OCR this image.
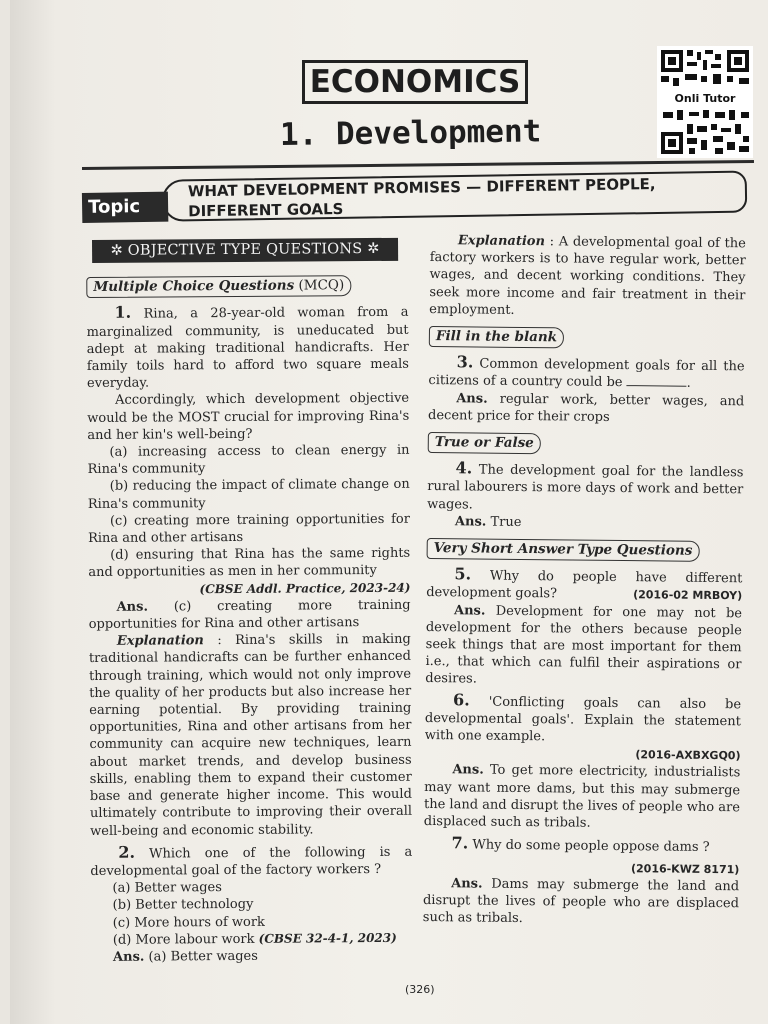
ECONOMICS
1. Development
Onli Tutor
Topic
WHAT DEVELOPMENT PROMISES — DIFFERENT PEOPLE,
DIFFERENT GOALS
✲ OBJECTIVE TYPE QUESTIONS ✲
Multiple Choice Questions (MCQ)

1. Rina, a 28-year-old woman from a marginalized community, is uneducated but adept at making traditional handicrafts. Her family toils hard to afford two square meals everyday.

Accordingly, which development objective would be the MOST crucial for improving Rina's and her kin's well-being?

(a) increasing access to clean energy in Rina's community

(b) reducing the impact of climate change on Rina's community

(c) creating more training opportunities for Rina and other artisans

(d) ensuring that Rina has the same rights and opportunities as men in her community

(CBSE Addl. Practice, 2023-24)

Ans. (c) creating more training opportunities for Rina and other artisans

Explanation : Rina's skills in making traditional handicrafts can be further enhanced through training, which would not only improve the quality of her products but also increase her earning potential. By providing training opportunities, Rina and other artisans from her community can acquire new techniques, learn about market trends, and develop business skills, enabling them to expand their customer base and generate higher income. This would ultimately contribute to improving their overall well-being and economic stability.

2. Which one of the following is a developmental goal of the factory workers ?

(a) Better wages

(b) Better technology

(c) More hours of work

(d) More labour work (CBSE 32-4-1, 2023)

Ans. (a) Better wages

Explanation : A developmental goal of the factory workers is to have regular work, better wages, and decent working conditions. They seek more income and fair treatment in their employment.

Fill in the blank

3. Common development goals for all the citizens of a country could be	.

Ans. regular work, better wages, and decent price for their crops

True or False

4. The development goal for the landless rural labourers is more days of work and better wages.

Ans. True

Very Short Answer Type Questions

5. Why do people have different development goals?	(2016-02 MRBOY)

Ans. Development for one may not be development for the others because people seek things that are most important for them i.e., that which can fulfil their aspirations or desires.

6. 'Conflicting goals can also be developmental goals'. Explain the statement with one example.

(2016-AXBXGQ0)

Ans. To get more electricity, industrialists may want more dams, but this may submerge the land and disrupt the lives of people who are displaced such as tribals.

7. Why do some people oppose dams ?

(2016-KWZ 8171)

Ans. Dams may submerge the land and disrupt the lives of people who are displaced such as tribals.

(326)
